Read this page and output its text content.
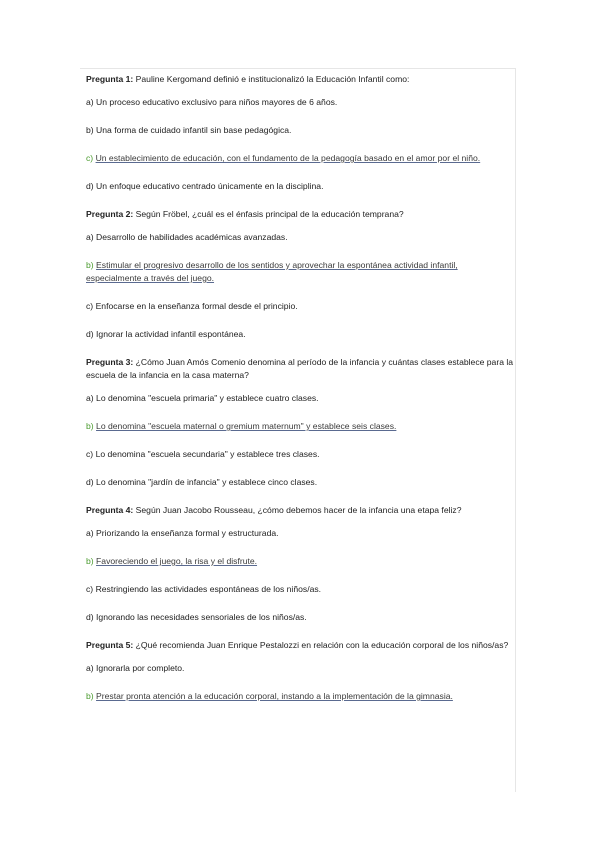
Pregunta 1: Pauline Kergomand definió e institucionalizó la Educación Infantil como:

a) Un proceso educativo exclusivo para niños mayores de 6 años.

b) Una forma de cuidado infantil sin base pedagógica.

c) Un establecimiento de educación, con el fundamento de la pedagogía basado en el amor por el niño.

d) Un enfoque educativo centrado únicamente en la disciplina.

Pregunta 2: Según Fröbel, ¿cuál es el énfasis principal de la educación temprana?

a) Desarrollo de habilidades académicas avanzadas.

b) Estimular el progresivo desarrollo de los sentidos y aprovechar la espontánea actividad infantil, especialmente a través del juego.

c) Enfocarse en la enseñanza formal desde el principio.

d) Ignorar la actividad infantil espontánea.

Pregunta 3: ¿Cómo Juan Amós Comenio denomina al período de la infancia y cuántas clases establece para la escuela de la infancia en la casa materna?

a) Lo denomina "escuela primaria" y establece cuatro clases.

b) Lo denomina "escuela maternal o gremium maternum" y establece seis clases.

c) Lo denomina "escuela secundaria" y establece tres clases.

d) Lo denomina "jardín de infancia" y establece cinco clases.

Pregunta 4: Según Juan Jacobo Rousseau, ¿cómo debemos hacer de la infancia una etapa feliz?

a) Priorizando la enseñanza formal y estructurada.

b) Favoreciendo el juego, la risa y el disfrute.

c) Restringiendo las actividades espontáneas de los niños/as.

d) Ignorando las necesidades sensoriales de los niños/as.

Pregunta 5: ¿Qué recomienda Juan Enrique Pestalozzi en relación con la educación corporal de los niños/as?

a) Ignorarla por completo.

b) Prestar pronta atención a la educación corporal, instando a la implementación de la gimnasia.
